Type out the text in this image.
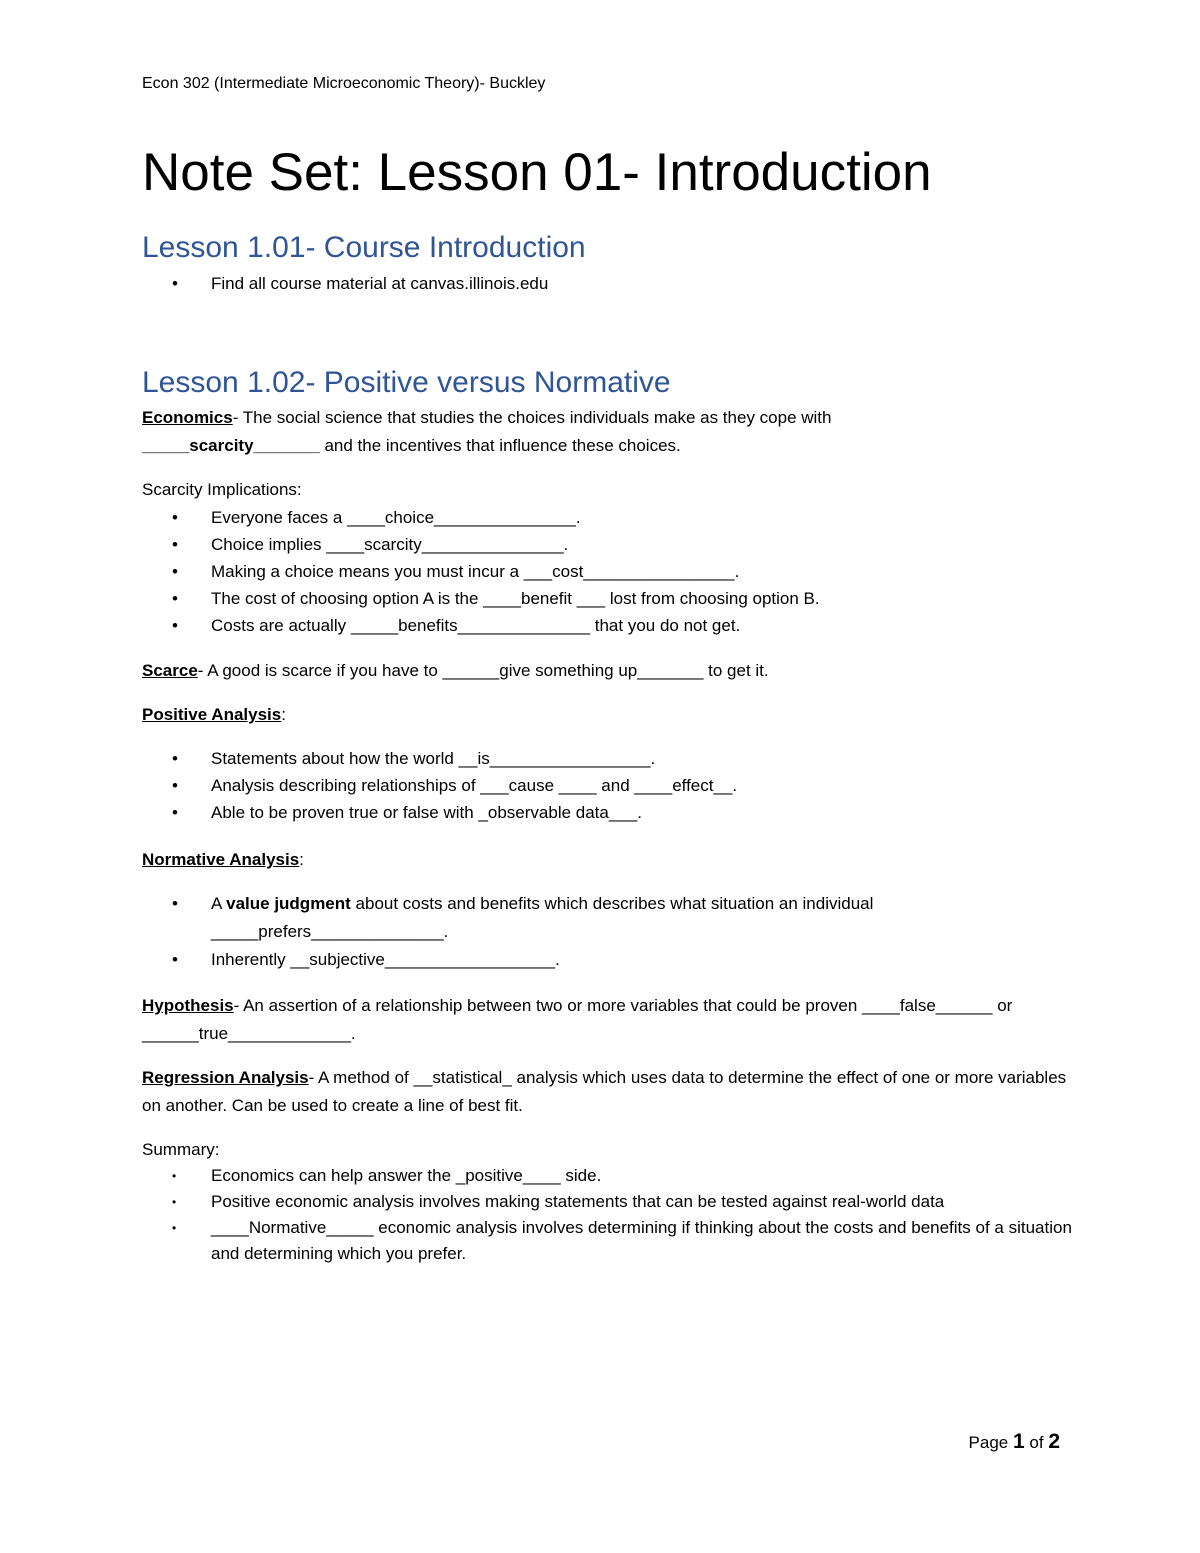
Econ 302 (Intermediate Microeconomic Theory)- Buckley
Note Set: Lesson 01- Introduction
Lesson 1.01- Course Introduction
• Find all course material at canvas.illinois.edu
Lesson 1.02- Positive versus Normative

Economics- The social science that studies the choices individuals make as they cope with
_____scarcity_______ and the incentives that influence these choices.

Scarcity Implications:

• Everyone faces a ____choice_______________.
• Choice implies ____scarcity_______________.
• Making a choice means you must incur a ___cost________________.
• The cost of choosing option A is the ____benefit ___ lost from choosing option B.
• Costs are actually _____benefits______________ that you do not get.

Scarce- A good is scarce if you have to ______give something up_______ to get it.

Positive Analysis:

• Statements about how the world __is_________________.
• Analysis describing relationships of ___cause ____ and ____effect__.
• Able to be proven true or false with _observable data___.

Normative Analysis:

• A value judgment about costs and benefits which describes what situation an individual _____prefers______________.
• Inherently __subjective__________________.

Hypothesis- An assertion of a relationship between two or more variables that could be proven ____false______ or ______true_____________.

Regression Analysis- A method of __statistical_ analysis which uses data to determine the effect of one or more variables on another. Can be used to create a line of best fit.

Summary:

• Economics can help answer the _positive____ side.
• Positive economic analysis involves making statements that can be tested against real-world data
• ____Normative_____ economic analysis involves determining if thinking about the costs and benefits of a situation and determining which you prefer.
Page 1 of 2
